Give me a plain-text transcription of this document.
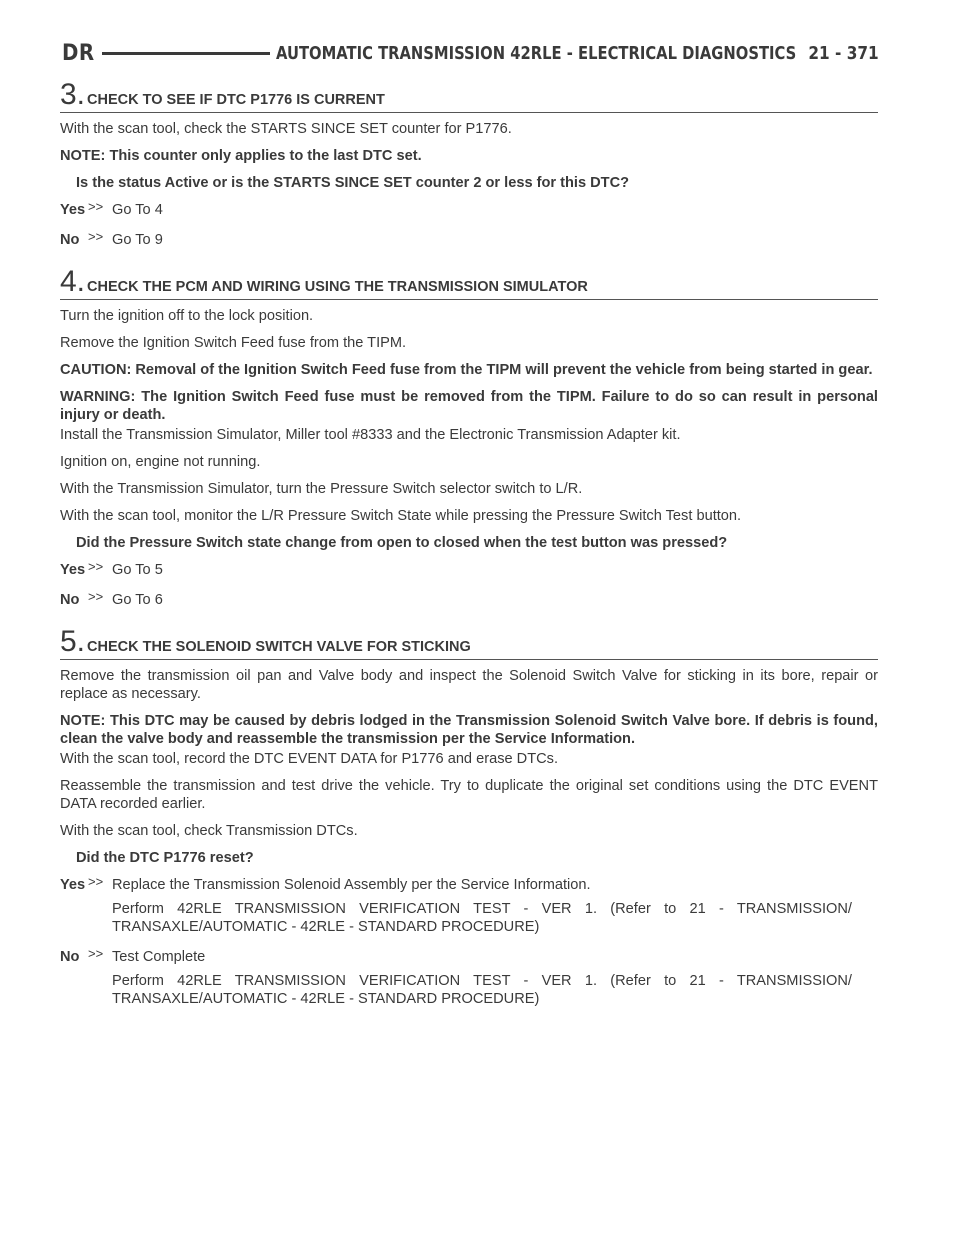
DR	AUTOMATIC TRANSMISSION 42RLE - ELECTRICAL DIAGNOSTICS 21 - 371
3. CHECK TO SEE IF DTC P1776 IS CURRENT

With the scan tool, check the STARTS SINCE SET counter for P1776.

NOTE: This counter only applies to the last DTC set.

Is the status Active or is the STARTS SINCE SET counter 2 or less for this DTC?

Yes >> Go To 4
No >> Go To 9
4. CHECK THE PCM AND WIRING USING THE TRANSMISSION SIMULATOR

Turn the ignition off to the lock position.

Remove the Ignition Switch Feed fuse from the TIPM.

CAUTION: Removal of the Ignition Switch Feed fuse from the TIPM will prevent the vehicle from being started in gear.

WARNING: The Ignition Switch Feed fuse must be removed from the TIPM. Failure to do so can result in personal injury or death.

Install the Transmission Simulator, Miller tool #8333 and the Electronic Transmission Adapter kit.

Ignition on, engine not running.

With the Transmission Simulator, turn the Pressure Switch selector switch to L/R.

With the scan tool, monitor the L/R Pressure Switch State while pressing the Pressure Switch Test button.

Did the Pressure Switch state change from open to closed when the test button was pressed?

Yes >> Go To 5
No >> Go To 6
5. CHECK THE SOLENOID SWITCH VALVE FOR STICKING

Remove the transmission oil pan and Valve body and inspect the Solenoid Switch Valve for sticking in its bore, repair or replace as necessary.

NOTE: This DTC may be caused by debris lodged in the Transmission Solenoid Switch Valve bore. If debris is found, clean the valve body and reassemble the transmission per the Service Information.

With the scan tool, record the DTC EVENT DATA for P1776 and erase DTCs.

Reassemble the transmission and test drive the vehicle. Try to duplicate the original set conditions using the DTC EVENT DATA recorded earlier.

With the scan tool, check Transmission DTCs.

Did the DTC P1776 reset?

Yes >> Replace the Transmission Solenoid Assembly per the Service Information.
Perform 42RLE TRANSMISSION VERIFICATION TEST - VER 1. (Refer to 21 - TRANSMISSION/ TRANSAXLE/AUTOMATIC - 42RLE - STANDARD PROCEDURE)
No >> Test Complete
Perform 42RLE TRANSMISSION VERIFICATION TEST - VER 1. (Refer to 21 - TRANSMISSION/ TRANSAXLE/AUTOMATIC - 42RLE - STANDARD PROCEDURE)
